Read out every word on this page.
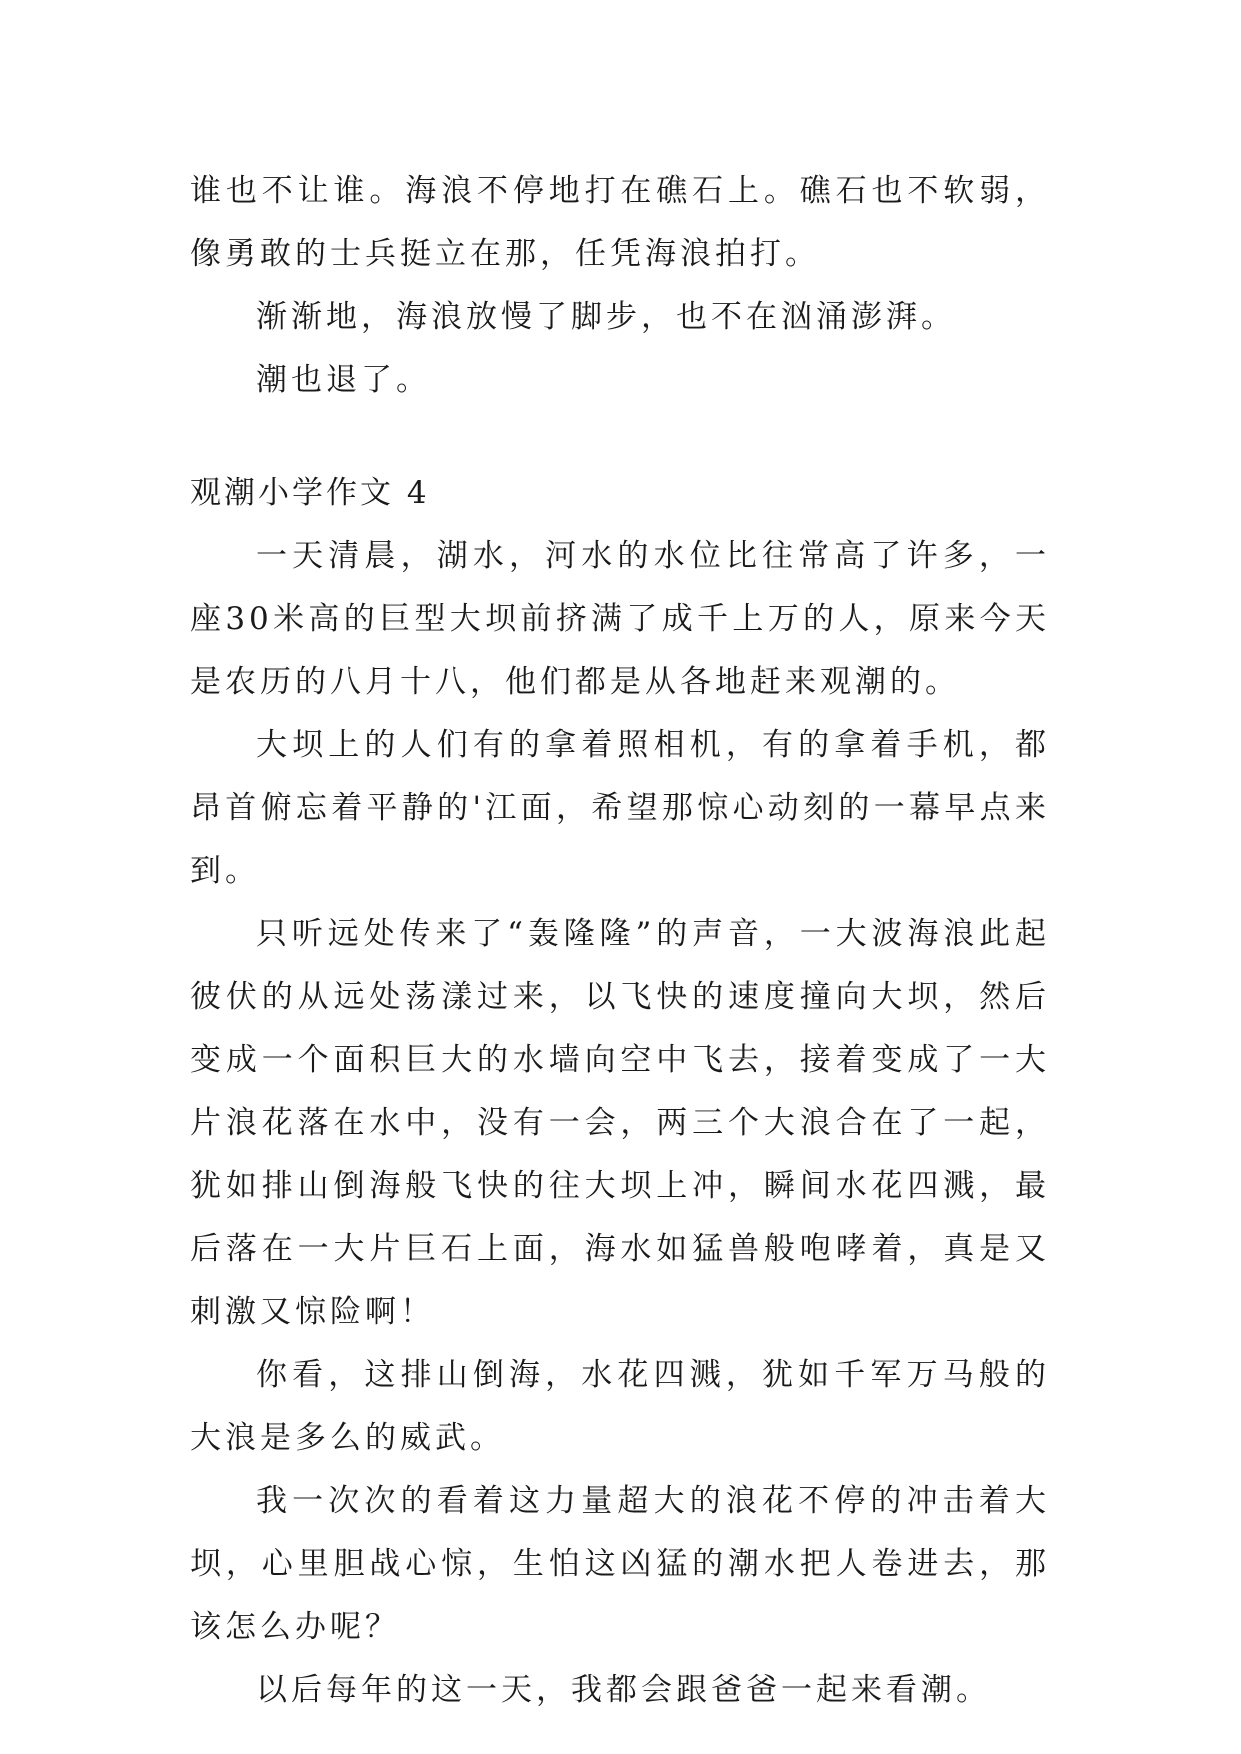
谁也不让谁。海浪不停地打在礁石上。礁石也不软弱，像勇敢的士兵挺立在那，任凭海浪拍打。

渐渐地，海浪放慢了脚步，也不在汹涌澎湃。

潮也退了。

观潮小学作文 4

一天清晨，湖水，河水的水位比往常高了许多，一座30米高的巨型大坝前挤满了成千上万的人，原来今天是农历的八月十八，他们都是从各地赶来观潮的。

大坝上的人们有的拿着照相机，有的拿着手机，都昂首俯忘着平静的'江面，希望那惊心动刻的一幕早点来到。

只听远处传来了“轰隆隆”的声音，一大波海浪此起彼伏的从远处荡漾过来，以飞快的速度撞向大坝，然后变成一个面积巨大的水墙向空中飞去，接着变成了一大片浪花落在水中，没有一会，两三个大浪合在了一起，犹如排山倒海般飞快的往大坝上冲，瞬间水花四溅，最后落在一大片巨石上面，海水如猛兽般咆哮着，真是又刺激又惊险啊！

你看，这排山倒海，水花四溅，犹如千军万马般的大浪是多么的威武。

我一次次的看着这力量超大的浪花不停的冲击着大坝，心里胆战心惊，生怕这凶猛的潮水把人卷进去，那该怎么办呢？

以后每年的这一天，我都会跟爸爸一起来看潮。
